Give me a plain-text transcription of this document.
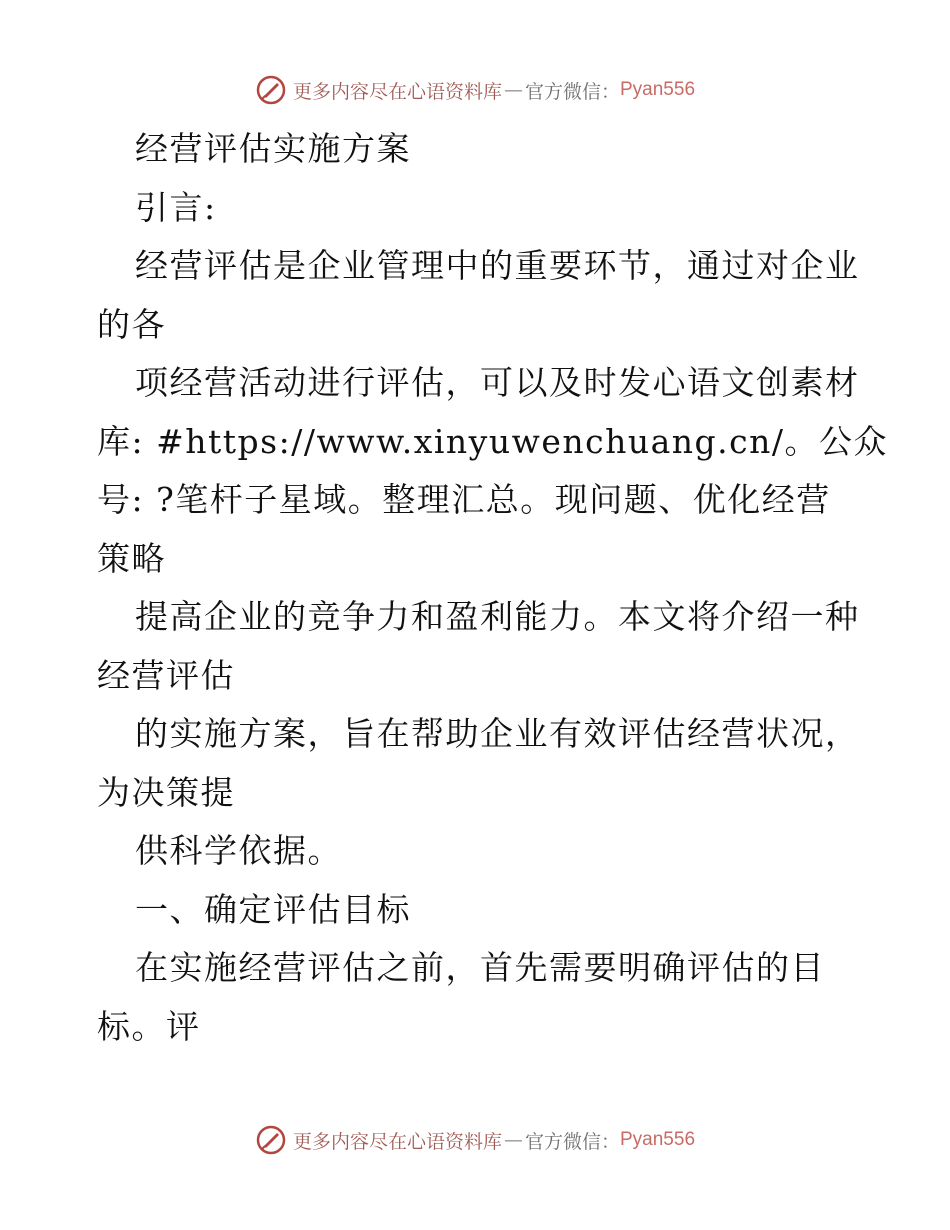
更多内容尽在心语资料库 — 官方微信： Pyan556
经营评估实施方案
引言:
经营评估是企业管理中的重要环节，通过对企业
的各
项经营活动进行评估，可以及时发心语文创素材
库: #https://www.xinyuwenchuang.cn/。公众
号: ?笔杆子星域。整理汇总。现问题、优化经营
策略
提高企业的竞争力和盈利能力。本文将介绍一种
经营评估
的实施方案，旨在帮助企业有效评估经营状况，
为决策提
供科学依据。
一、确定评估目标
在实施经营评估之前，首先需要明确评估的目
标。评
更多内容尽在心语资料库 — 官方微信： Pyan556
